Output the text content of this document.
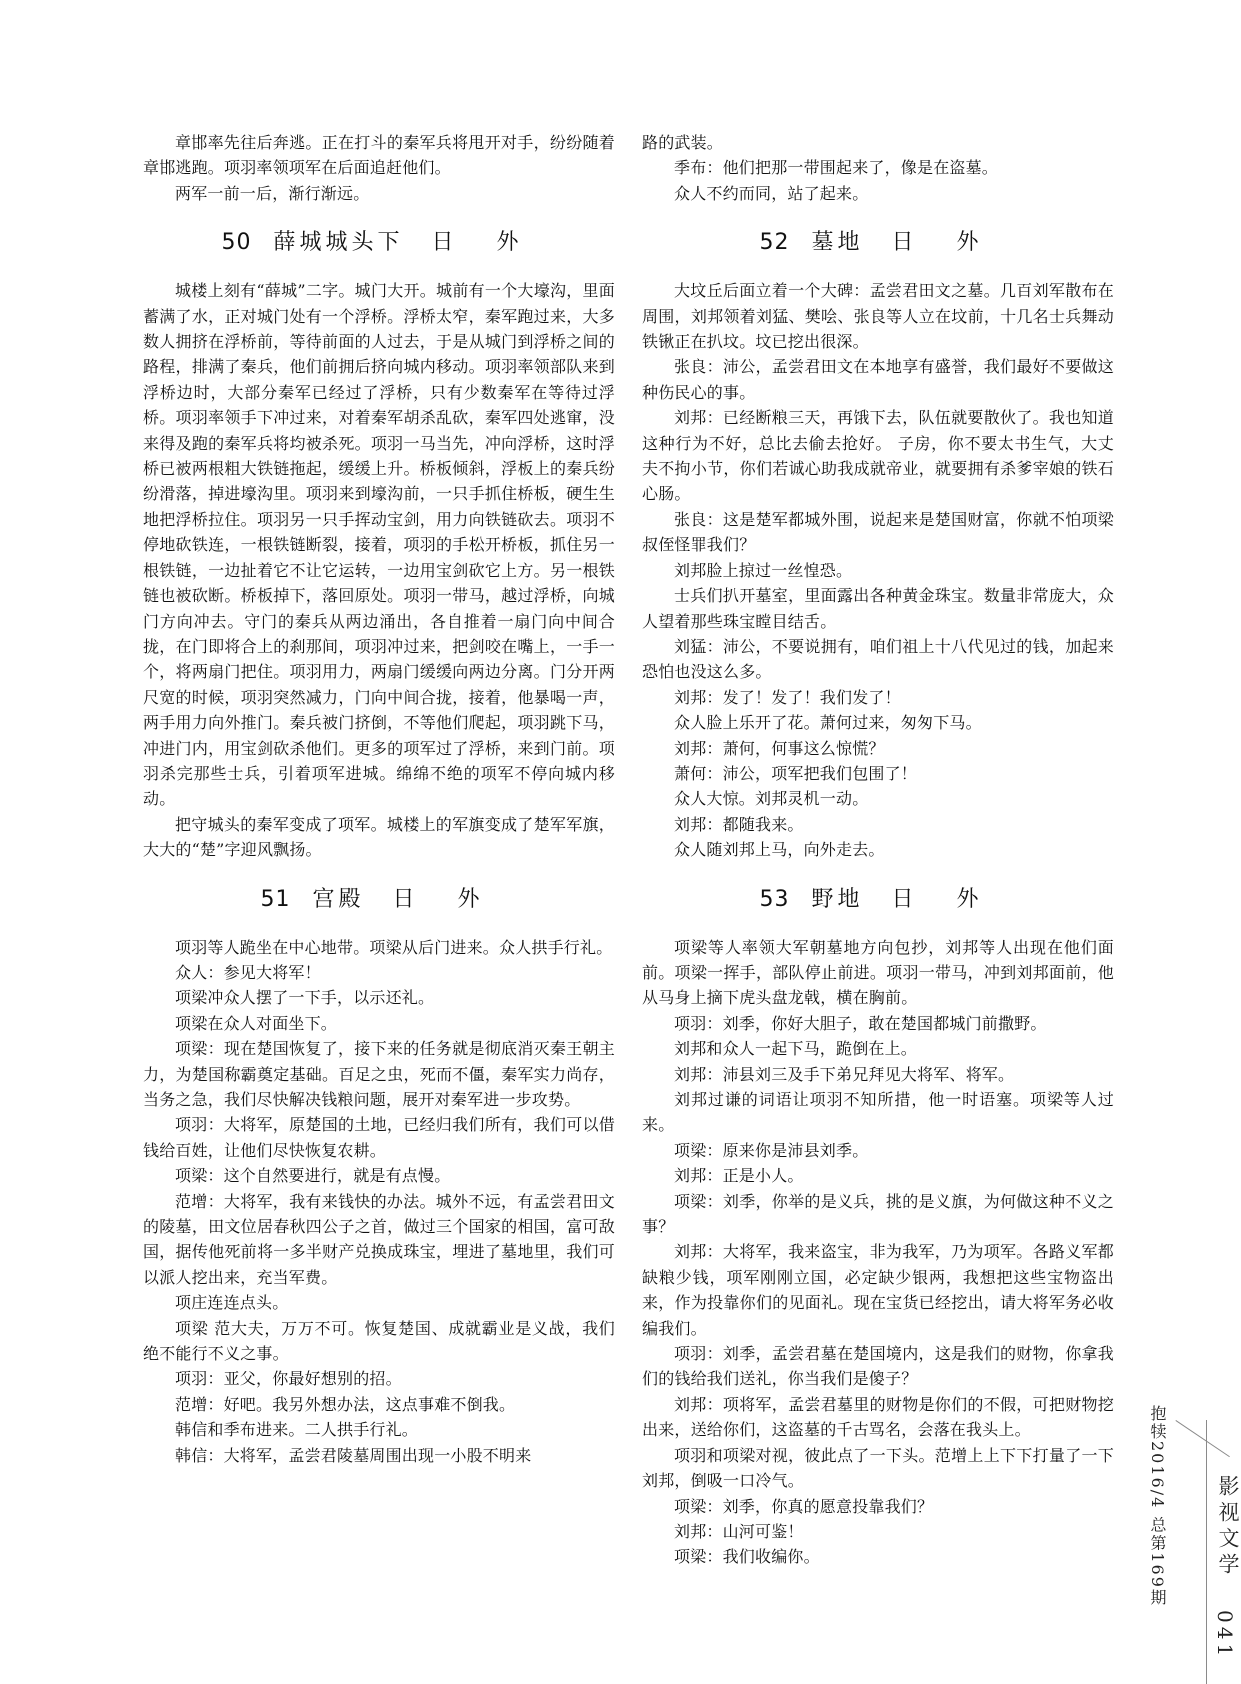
章邯率先往后奔逃。正在打斗的秦军兵将甩开对手，纷纷随着章邯逃跑。项羽率领项军在后面追赶他们。

两军一前一后，渐行渐远。

50 薛城城头下 日 外

城楼上刻有“薛城”二字。城门大开。城前有一个大壕沟，里面蓄满了水，正对城门处有一个浮桥。浮桥太窄，秦军跑过来，大多数人拥挤在浮桥前，等待前面的人过去，于是从城门到浮桥之间的路程，排满了秦兵，他们前拥后挤向城内移动。项羽率领部队来到浮桥边时，大部分秦军已经过了浮桥，只有少数秦军在等待过浮桥。项羽率领手下冲过来，对着秦军胡杀乱砍，秦军四处逃窜，没来得及跑的秦军兵将均被杀死。项羽一马当先，冲向浮桥，这时浮桥已被两根粗大铁链拖起，缓缓上升。桥板倾斜，浮板上的秦兵纷纷滑落，掉进壕沟里。项羽来到壕沟前，一只手抓住桥板，硬生生地把浮桥拉住。项羽另一只手挥动宝剑，用力向铁链砍去。项羽不停地砍铁连，一根铁链断裂，接着，项羽的手松开桥板，抓住另一根铁链，一边扯着它不让它运转，一边用宝剑砍它上方。另一根铁链也被砍断。桥板掉下，落回原处。项羽一带马，越过浮桥，向城门方向冲去。守门的秦兵从两边涌出，各自推着一扇门向中间合拢，在门即将合上的刹那间，项羽冲过来，把剑咬在嘴上，一手一个，将两扇门把住。项羽用力，两扇门缓缓向两边分离。门分开两尺宽的时候，项羽突然减力，门向中间合拢，接着，他暴喝一声，两手用力向外推门。秦兵被门挤倒，不等他们爬起，项羽跳下马，冲进门内，用宝剑砍杀他们。更多的项军过了浮桥，来到门前。项羽杀完那些士兵，引着项军进城。绵绵不绝的项军不停向城内移动。

把守城头的秦军变成了项军。城楼上的军旗变成了楚军军旗，大大的“楚”字迎风飘扬。

51 宫殿 日 外

项羽等人跪坐在中心地带。项梁从后门进来。众人拱手行礼。

众人：参见大将军！

项梁冲众人摆了一下手，以示还礼。

项梁在众人对面坐下。

项梁：现在楚国恢复了，接下来的任务就是彻底消灭秦王朝主力，为楚国称霸奠定基础。百足之虫，死而不僵，秦军实力尚存，当务之急，我们尽快解决钱粮问题，展开对秦军进一步攻势。

项羽：大将军，原楚国的土地，已经归我们所有，我们可以借钱给百姓，让他们尽快恢复农耕。

项梁：这个自然要进行，就是有点慢。

范增：大将军，我有来钱快的办法。城外不远，有孟尝君田文的陵墓，田文位居春秋四公子之首，做过三个国家的相国，富可敌国，据传他死前将一多半财产兑换成珠宝，埋进了墓地里，我们可以派人挖出来，充当军费。

项庄连连点头。

项梁 范大夫，万万不可。恢复楚国、成就霸业是义战，我们绝不能行不义之事。

项羽：亚父，你最好想别的招。

范增：好吧。我另外想办法，这点事难不倒我。

韩信和季布进来。二人拱手行礼。

韩信：大将军，孟尝君陵墓周围出现一小股不明来

路的武装。

季布：他们把那一带围起来了，像是在盗墓。

众人不约而同，站了起来。

52 墓地 日 外

大坟丘后面立着一个大碑：孟尝君田文之墓。几百刘军散布在周围，刘邦领着刘猛、樊哙、张良等人立在坟前，十几名士兵舞动铁锹正在扒坟。坟已挖出很深。

张良：沛公，孟尝君田文在本地享有盛誉，我们最好不要做这种伤民心的事。

刘邦：已经断粮三天，再饿下去，队伍就要散伙了。我也知道这种行为不好，总比去偷去抢好。 子房，你不要太书生气，大丈夫不拘小节，你们若诚心助我成就帝业，就要拥有杀爹宰娘的铁石心肠。

张良：这是楚军都城外围，说起来是楚国财富，你就不怕项梁叔侄怪罪我们？

刘邦脸上掠过一丝惶恐。

士兵们扒开墓室，里面露出各种黄金珠宝。数量非常庞大，众人望着那些珠宝瞠目结舌。

刘猛：沛公，不要说拥有，咱们祖上十八代见过的钱，加起来恐怕也没这么多。

刘邦：发了！发了！我们发了！

众人脸上乐开了花。萧何过来，匆匆下马。

刘邦：萧何，何事这么惊慌？

萧何：沛公，项军把我们包围了！

众人大惊。刘邦灵机一动。

刘邦：都随我来。

众人随刘邦上马，向外走去。

53 野地 日 外

项梁等人率领大军朝墓地方向包抄，刘邦等人出现在他们面前。项梁一挥手，部队停止前进。项羽一带马，冲到刘邦面前，他从马身上摘下虎头盘龙戟，横在胸前。

项羽：刘季，你好大胆子，敢在楚国都城门前撒野。

刘邦和众人一起下马，跪倒在上。

刘邦：沛县刘三及手下弟兄拜见大将军、将军。

刘邦过谦的词语让项羽不知所措，他一时语塞。项梁等人过来。

项梁：原来你是沛县刘季。

刘邦：正是小人。

项梁：刘季，你举的是义兵，挑的是义旗，为何做这种不义之事？

刘邦：大将军，我来盗宝，非为我军，乃为项军。各路义军都缺粮少钱，项军刚刚立国，必定缺少银两，我想把这些宝物盗出来，作为投靠你们的见面礼。现在宝货已经挖出，请大将军务必收编我们。

项羽：刘季，孟尝君墓在楚国境内，这是我们的财物，你拿我们的钱给我们送礼，你当我们是傻子？

刘邦：项将军，孟尝君墓里的财物是你们的不假，可把财物挖出来，送给你们，这盗墓的千古骂名，会落在我头上。

项羽和项梁对视，彼此点了一下头。范增上上下下打量了一下刘邦，倒吸一口冷气。

项梁：刘季，你真的愿意投靠我们？

刘邦：山河可鉴！

项梁：我们收编你。	抱犊2016/4 总第169期 影视文学
041
